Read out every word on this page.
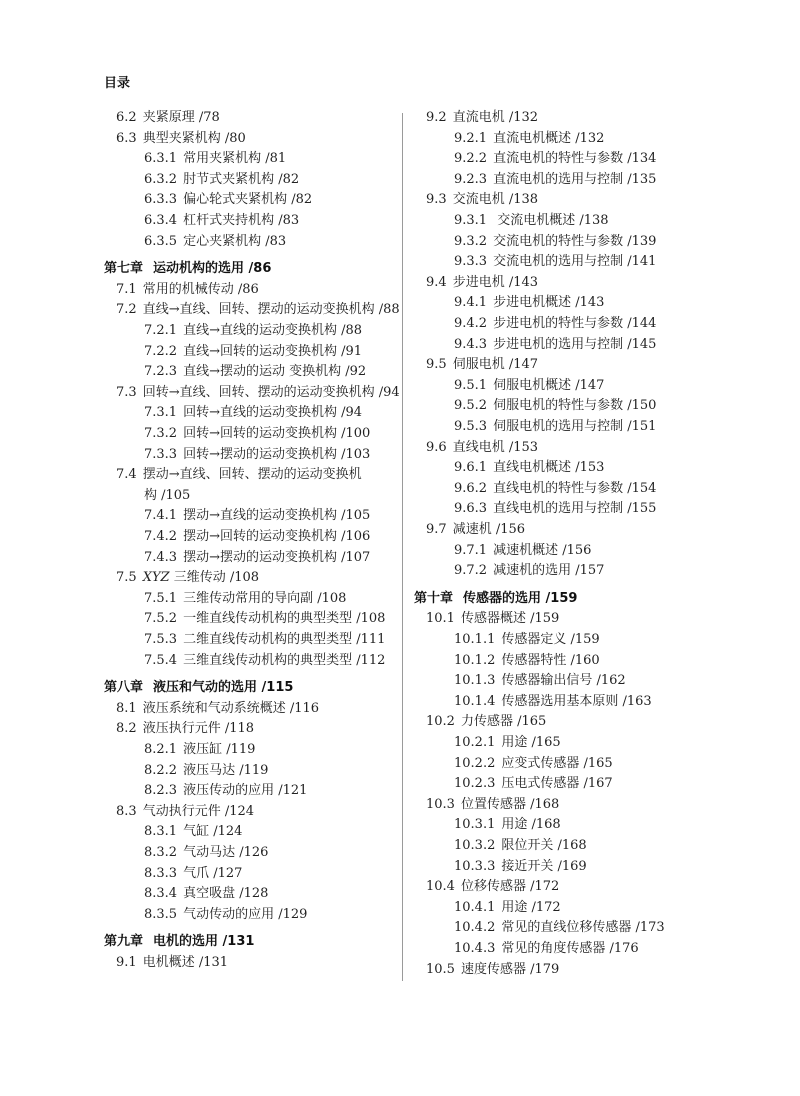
目录
6.2 夹紧原理 /78
6.3 典型夹紧机构 /80
6.3.1 常用夹紧机构 /81
6.3.2 肘节式夹紧机构 /82
6.3.3 偏心轮式夹紧机构 /82
6.3.4 杠杆式夹持机构 /83
6.3.5 定心夹紧机构 /83
第七章 运动机构的选用 /86
7.1 常用的机械传动 /86
7.2 直线→直线、回转、摆动的运动变换机构 /88
7.2.1 直线→直线的运动变换机构 /88
7.2.2 直线→回转的运动变换机构 /91
7.2.3 直线→摆动的运动 变换机构 /92
7.3 回转→直线、回转、摆动的运动变换机构 /94
7.3.1 回转→直线的运动变换机构 /94
7.3.2 回转→回转的运动变换机构 /100
7.3.3 回转→摆动的运动变换机构 /103
7.4 摆动→直线、回转、摆动的运动变换机
构 /105
7.4.1 摆动→直线的运动变换机构 /105
7.4.2 摆动→回转的运动变换机构 /106
7.4.3 摆动→摆动的运动变换机构 /107
7.5 XYZ 三维传动 /108
7.5.1 三维传动常用的导向副 /108
7.5.2 一维直线传动机构的典型类型 /108
7.5.3 二维直线传动机构的典型类型 /111
7.5.4 三维直线传动机构的典型类型 /112
第八章 液压和气动的选用 /115
8.1 液压系统和气动系统概述 /116
8.2 液压执行元件 /118
8.2.1 液压缸 /119
8.2.2 液压马达 /119
8.2.3 液压传动的应用 /121
8.3 气动执行元件 /124
8.3.1 气缸 /124
8.3.2 气动马达 /126
8.3.3 气爪 /127
8.3.4 真空吸盘 /128
8.3.5 气动传动的应用 /129
第九章 电机的选用 /131
9.1 电机概述 /131
9.2 直流电机 /132
9.2.1 直流电机概述 /132
9.2.2 直流电机的特性与参数 /134
9.2.3 直流电机的选用与控制 /135
9.3 交流电机 /138
9.3.1 交流电机概述 /138
9.3.2 交流电机的特性与参数 /139
9.3.3 交流电机的选用与控制 /141
9.4 步进电机 /143
9.4.1 步进电机概述 /143
9.4.2 步进电机的特性与参数 /144
9.4.3 步进电机的选用与控制 /145
9.5 伺服电机 /147
9.5.1 伺服电机概述 /147
9.5.2 伺服电机的特性与参数 /150
9.5.3 伺服电机的选用与控制 /151
9.6 直线电机 /153
9.6.1 直线电机概述 /153
9.6.2 直线电机的特性与参数 /154
9.6.3 直线电机的选用与控制 /155
9.7 减速机 /156
9.7.1 减速机概述 /156
9.7.2 减速机的选用 /157
第十章 传感器的选用 /159
10.1 传感器概述 /159
10.1.1 传感器定义 /159
10.1.2 传感器特性 /160
10.1.3 传感器输出信号 /162
10.1.4 传感器选用基本原则 /163
10.2 力传感器 /165
10.2.1 用途 /165
10.2.2 应变式传感器 /165
10.2.3 压电式传感器 /167
10.3 位置传感器 /168
10.3.1 用途 /168
10.3.2 限位开关 /168
10.3.3 接近开关 /169
10.4 位移传感器 /172
10.4.1 用途 /172
10.4.2 常见的直线位移传感器 /173
10.4.3 常见的角度传感器 /176
10.5 速度传感器 /179
